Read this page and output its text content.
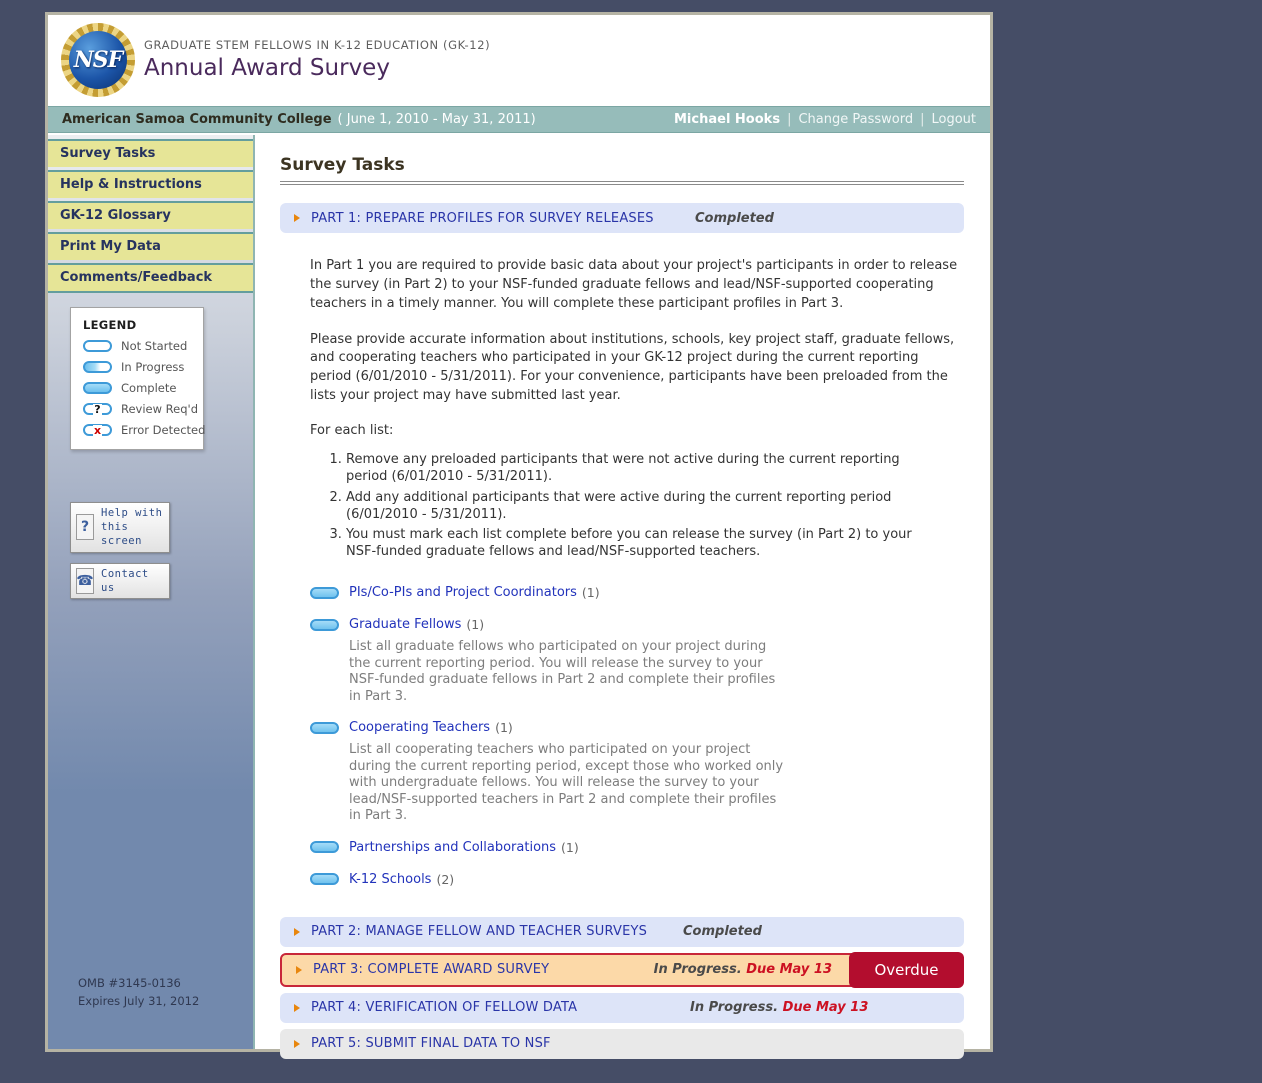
NSF
GRADUATE STEM FELLOWS IN K-12 EDUCATION (GK-12)
Annual Award Survey
American Samoa Community College ( June 1, 2010 - May 31, 2011)	Michael Hooks | Change Password | Logout
Survey Tasks
Help & Instructions
GK-12 Glossary
Print My Data
Comments/Feedback
LEGEND
Not Started
In Progress
Complete
? Review Req'd
x Error Detected
?
Help with
this screen
☎ Contact us
OMB #3145-0136
Expires July 31, 2012
Survey Tasks
PART 1: PREPARE PROFILES FOR SURVEY RELEASES	Completed

In Part 1 you are required to provide basic data about your project's participants in order to release the survey (in Part 2) to your NSF-funded graduate fellows and lead/NSF-supported cooperating teachers in a timely manner. You will complete these participant profiles in Part 3.

Please provide accurate information about institutions, schools, key project staff, graduate fellows, and cooperating teachers who participated in your GK-12 project during the current reporting period (6/01/2010 - 5/31/2011). For your convenience, participants have been preloaded from the lists your project may have submitted last year.

For each list:
1. Remove any preloaded participants that were not active during the current reporting period (6/01/2010 - 5/31/2011).
2. Add any additional participants that were active during the current reporting period (6/01/2010 - 5/31/2011).
3. You must mark each list complete before you can release the survey (in Part 2) to your NSF-funded graduate fellows and lead/NSF-supported teachers.
PIs/Co-PIs and Project Coordinators (1)
Graduate Fellows (1)
List all graduate fellows who participated on your project during the current reporting period. You will release the survey to your NSF-funded graduate fellows in Part 2 and complete their profiles in Part 3.
Cooperating Teachers (1)
List all cooperating teachers who participated on your project during the current reporting period, except those who worked only with undergraduate fellows. You will release the survey to your lead/NSF-supported teachers in Part 2 and complete their profiles in Part 3.
Partnerships and Collaborations (1)
K-12 Schools (2)
PART 2: MANAGE FELLOW AND TEACHER SURVEYS	Completed
PART 3: COMPLETE AWARD SURVEY	In Progress. Due May 13	Overdue
PART 4: VERIFICATION OF FELLOW DATA	In Progress. Due May 13
PART 5: SUBMIT FINAL DATA TO NSF
